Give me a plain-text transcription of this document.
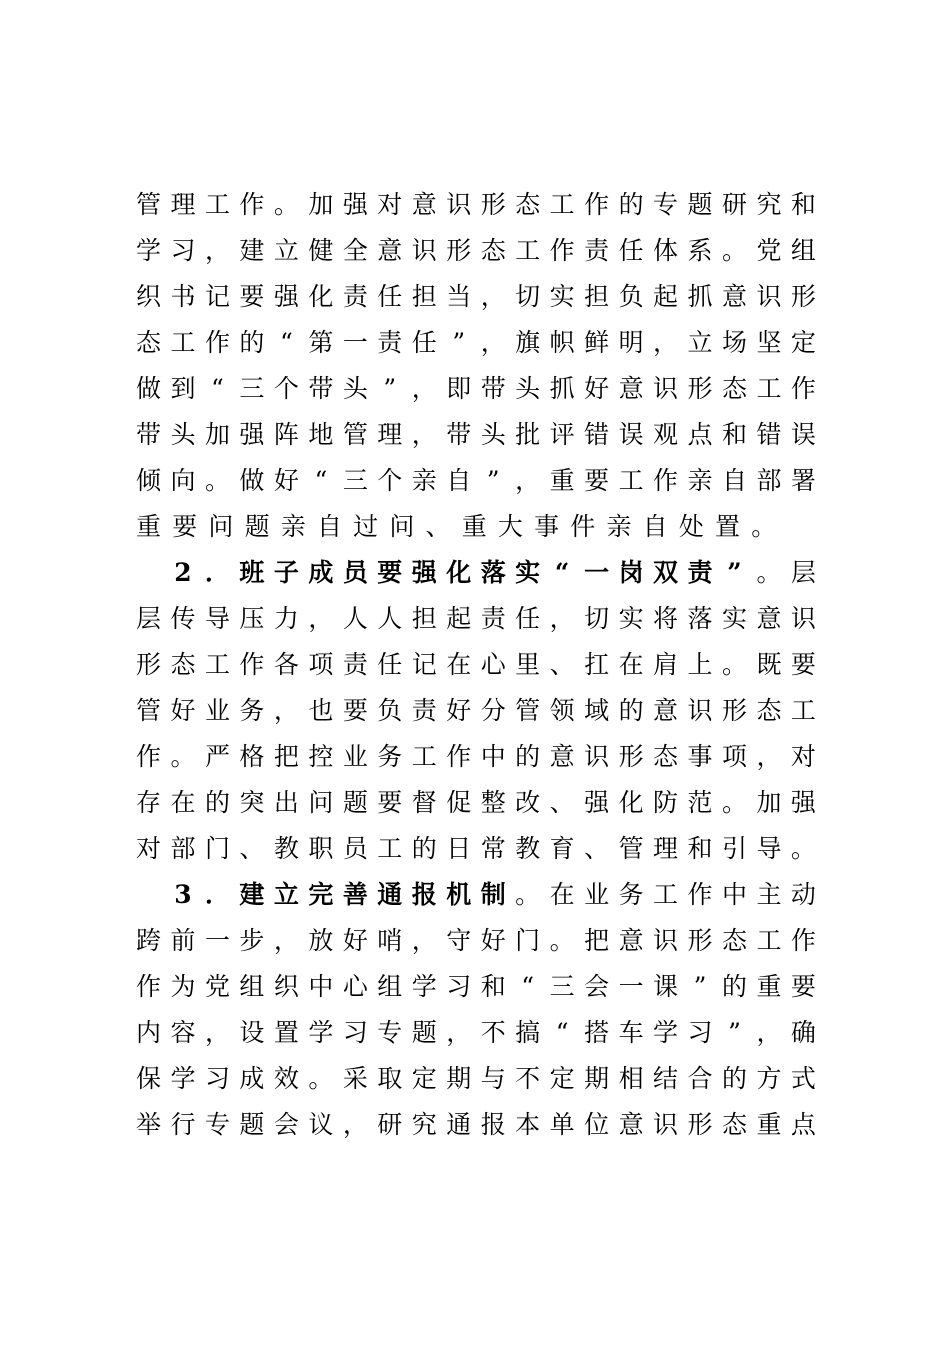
管 理 工 作 。 加 强 对 意 识 形 态 工 作 的 专 题 研 究 和
学 习 ， 建 立 健 全 意 识 形 态 工 作 责 任 体 系 。 党 组
织 书 记 要 强 化 责 任 担 当 ， 切 实 担 负 起 抓 意 识 形
态 工 作 的 “ 第 一 责 任 ” ， 旗 帜 鲜 明 ， 立 场 坚 定
做 到 “ 三 个 带 头 ” ， 即 带 头 抓 好 意 识 形 态 工 作
带 头 加 强 阵 地 管 理 ， 带 头 批 评 错 误 观 点 和 错 误
倾 向 。 做 好 “ 三 个 亲 自 ” ， 重 要 工 作 亲 自 部 署
重 要 问 题 亲 自 过 问 、 重 大 事 件 亲 自 处 置 。

2 ． 班 子 成 员 要 强 化 落 实 “ 一 岗 双 责 ” 。 层
层 传 导 压 力 ， 人 人 担 起 责 任 ， 切 实 将 落 实 意 识
形 态 工 作 各 项 责 任 记 在 心 里 、 扛 在 肩 上 。 既 要
管 好 业 务 ， 也 要 负 责 好 分 管 领 域 的 意 识 形 态 工
作 。 严 格 把 控 业 务 工 作 中 的 意 识 形 态 事 项 ， 对
存 在 的 突 出 问 题 要 督 促 整 改 、 强 化 防 范 。 加 强
对 部 门 、 教 职 员 工 的 日 常 教 育 、 管 理 和 引 导 。

3 ． 建 立 完 善 通 报 机 制 。 在 业 务 工 作 中 主 动
跨 前 一 步 ， 放 好 哨 ， 守 好 门 。 把 意 识 形 态 工 作
作 为 党 组 织 中 心 组 学 习 和 “ 三 会 一 课 ” 的 重 要
内 容 ， 设 置 学 习 专 题 ， 不 搞 “ 搭 车 学 习 ” ， 确
保 学 习 成 效 。 采 取 定 期 与 不 定 期 相 结 合 的 方 式
举 行 专 题 会 议 ， 研 究 通 报 本 单 位 意 识 形 态 重 点
